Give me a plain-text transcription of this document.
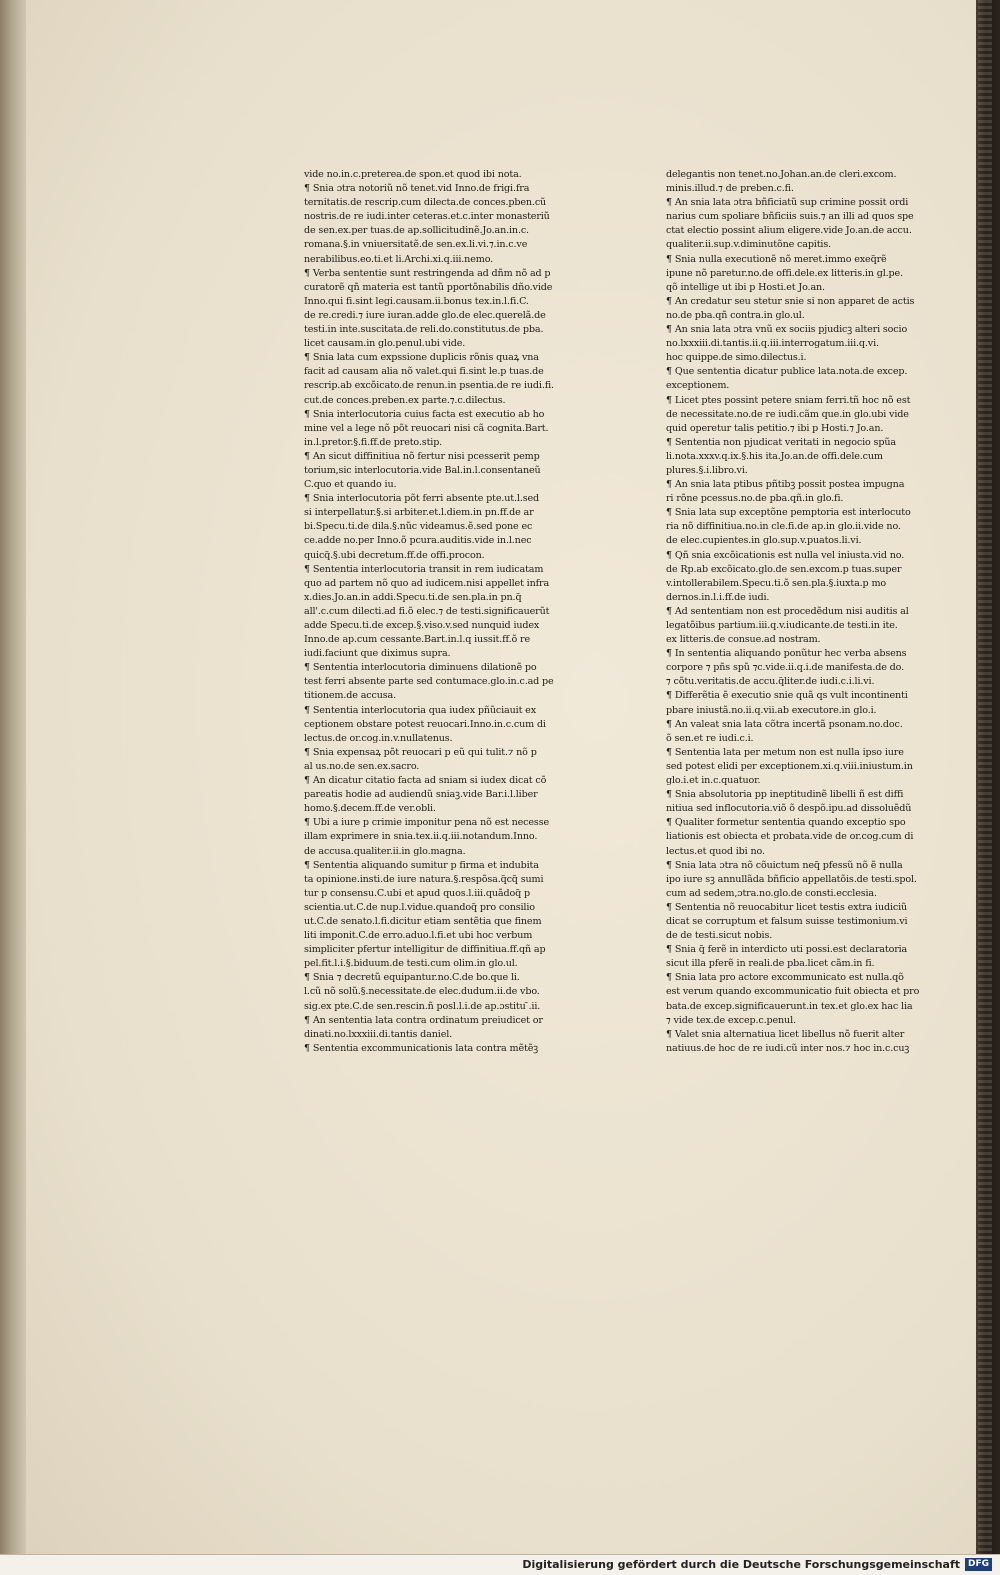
vide no.in.c.preterea.de spon.et quod ibi nota.

¶ Snia ɔtra notoriũ nõ tenet.vid Inno.de frigi.fra

ternitatis.de rescrip.cum dilecta.de conces.pben.cũ

nostris.de re iudi.inter ceteras.et.c.inter monasteriũ

de sen.ex.per tuas.de ap.sollicitudinẽ.Jo.an.in.c.

romana.§.in vniuersitatẽ.de sen.ex.li.vi.⁊.in.c.ve

nerabilibus.eo.ti.et li.Archi.xi.q.iii.nemo.

¶ Verba sententie sunt restringenda ad dñm nõ ad p

curatorẽ qñ materia est tantũ pportõnabilis dño.vide

Inno.qui fi.sint legi.causam.ii.bonus tex.in.l.fi.C.

de re.credi.⁊ iure iuran.adde glo.de elec.querelã.de

testi.in inte.suscitata.de reli.do.constitutus.de pba.

licet causam.in glo.penul.ubi vide.

¶ Snia lata cum expssione duplicis rõnis quaꝝ vna

facit ad causam alia nõ valet.qui fi.sint le.p tuas.de

rescrip.ab excõicato.de renun.in psentia.de re iudi.fi.

cut.de conces.preben.ex parte.⁊.c.dilectus.

¶ Snia interlocutoria cuius facta est executio ab ho

mine vel a lege nõ põt reuocari nisi cã cognita.Bart.

in.l.pretor.§.fi.ff.de preto.stip.

¶ An sicut diffinitiua nõ fertur nisi pcesserit pemp

torium,sic interlocutoria.vide Bal.in.l.consentaneũ

C.quo et quando iu.

¶ Snia interlocutoria põt ferri absente pte.ut.l.sed

si interpellatur.§.si arbiter.et.l.diem.in pn.ff.de ar

bi.Specu.ti.de dila.§.nũc videamus.ẽ.sed pone ec

ce.adde no.per Inno.õ pcura.auditis.vide in.l.nec

quicq̃.§.ubi decretum.ff.de offi.procon.

¶ Sententia interlocutoria transit in rem iudicatam

quo ad partem nõ quo ad iudicem.nisi appellet infra

x.dies.Jo.an.in addi.Specu.ti.de sen.pla.in pn.q̃

all'.c.cum dilecti.ad fi.õ elec.⁊ de testi.significauerũt

adde Specu.ti.de excep.§.viso.v.sed nunquid iudex

Inno.de ap.cum cessante.Bart.in.l.q iussit.ff.õ re

iudi.faciunt que diximus supra.

¶ Sententia interlocutoria diminuens dilationẽ po

test ferri absente parte sed contumace.glo.in.c.ad pe

titionem.de accusa.

¶ Sententia interlocutoria qua iudex pñũciauit ex

ceptionem obstare potest reuocari.Inno.in.c.cum di

lectus.de or.cog.in.v.nullatenus.

¶ Snia expensaꝝ põt reuocari p eũ qui tulit.⁊ nõ p

al us.no.de sen.ex.sacro.

¶ An dicatur citatio facta ad sniam si iudex dicat cõ

pareatis hodie ad audiendũ sniaꝫ.vide Bar.i.l.liber

homo.§.decem.ff.de ver.obli.

¶ Ubi a iure p crimie imponitur pena nõ est necesse

illam exprimere in snia.tex.ii.q.iii.notandum.Inno.

de accusa.qualiter.ii.in glo.magna.

¶ Sententia aliquando sumitur p firma et indubita

ta opinione.insti.de iure natura.§.respõsa.q̃cq̃ sumi

tur p consensu.C.ubi et apud quos.l.iii.quãdoq̃ p

scientia.ut.C.de nup.l.vidue.quandoq̃ pro consilio

ut.C.de senato.l.fi.dicitur etiam sentẽtia que finem

liti imponit.C.de erro.aduo.l.fi.et ubi hoc verbum

simpliciter pfertur intelligitur de diffinitiua.ff.qñ ap

pel.fit.l.i.§.biduum.de testi.cum olim.in glo.ul.

¶ Snia ⁊ decretũ equipantur.no.C.de bo.que li.

l.cũ nõ solũ.§.necessitate.de elec.dudum.ii.de vbo.

sig.ex pte.C.de sen.rescin.ñ posl.l.i.de ap.ɔstitu ̃.ii.

¶ An sententia lata contra ordinatum preiudicet or

dinati.no.lxxxiii.di.tantis daniel.

¶ Sententia excommunicationis lata contra mẽtẽꝫ

delegantis non tenet.no.Johan.an.de cleri.excom.

minis.illud.⁊ de preben.c.fi.

¶ An snia lata ɔtra bñficiatũ sup crimine possit ordi

narius cum spoliare bñficiis suis.⁊ an illi ad quos spe

ctat electio possint alium eligere.vide Jo.an.de accu.

qualiter.ii.sup.v.diminutõne capitis.

¶ Snia nulla executionẽ nõ meret.immo exeq̃rẽ

ipune nõ paretur.no.de offi.dele.ex litteris.in gl.pe.

qõ intellige ut ibi p Hosti.et Jo.an.

¶ An credatur seu stetur snie si non apparet de actis

no.de pba.qñ contra.in glo.ul.

¶ An snia lata ɔtra vnũ ex sociis pjudicꝫ alteri socio

no.lxxxiii.di.tantis.ii.q.iii.interrogatum.iii.q.vi.

hoc quippe.de simo.dilectus.i.

¶ Que sententia dicatur publice lata.nota.de excep.

exceptionem.

¶ Licet ptes possint petere sniam ferri.tñ hoc nõ est

de necessitate.no.de re iudi.cãm que.in glo.ubi vide

quid operetur talis petitio.⁊ ibi p Hosti.⁊ Jo.an.

¶ Sententia non pjudicat veritati in negocio spũa

li.nota.xxxv.q.ix.§.his ita.Jo.an.de offi.dele.cum

plures.§.i.libro.vi.

¶ An snia lata ptibus pñtibꝫ possit postea impugna

ri rõne pcessus.no.de pba.qñ.in glo.fi.

¶ Snia lata sup exceptõne pemptoria est interlocuto

ria nõ diffinitiua.no.in cle.fi.de ap.in glo.ii.vide no.

de elec.cupientes.in glo.sup.v.puatos.li.vi.

¶ Qñ snia excõicationis est nulla vel iniusta.vid no.

de Rp.ab excõicato.glo.de sen.excom.p tuas.super

v.intollerabilem.Specu.ti.õ sen.pla.§.iuxta.p mo

dernos.in.l.i.ff.de iudi.

¶ Ad sententiam non est procedẽdum nisi auditis al

legatõibus partium.iii.q.v.iudicante.de testi.in ite.

ex litteris.de consue.ad nostram.

¶ In sententia aliquando ponũtur hec verba absens

corpore ⁊ pñs spũ ⁊c.vide.ii.q.i.de manifesta.de do.

⁊ cõtu.veritatis.de accu.q̃liter.de iudi.c.i.li.vi.

¶ Differẽtia ẽ executio snie quã qs vult incontinenti

pbare iniustã.no.ii.q.vii.ab executore.in glo.i.

¶ An valeat snia lata cõtra incertã psonam.no.doc.

õ sen.et re iudi.c.i.

¶ Sententia lata per metum non est nulla ipso iure

sed potest elidi per exceptionem.xi.q.viii.iniustum.in

glo.i.et in.c.quatuor.

¶ Snia absolutoria pp ineptitudinẽ libelli ñ est diffi

nitiua sed inflocutoria.viõ õ despõ.ipu.ad dissoluẽdũ

¶ Qualiter formetur sententia quando exceptio spo

liationis est obiecta et probata.vide de or.cog.cum di

lectus.et quod ibi no.

¶ Snia lata ɔtra nõ cõuictum neq̃ pfessũ nõ ẽ nulla

ipo iure sꝫ annullãda bñficio appellatõis.de testi.spol.

cum ad sedem,ɔtra.no.glo.de consti.ecclesia.

¶ Sententia nõ reuocabitur licet testis extra iudiciũ

dicat se corruptum et falsum suisse testimonium.vi

de de testi.sicut nobis.

¶ Snia q̃ ferẽ in interdicto uti possi.est declaratoria

sicut illa pferẽ in reali.de pba.licet cãm.in fi.

¶ Snia lata pro actore excommunicato est nulla.qõ

est verum quando excommunicatio fuit obiecta et pro

bata.de excep.significauerunt.in tex.et glo.ex hac lia

⁊ vide tex.de excep.c.penul.

¶ Valet snia alternatiua licet libellus nõ fuerit alter

natiuus.de hoc de re iudi.cũ inter nos.⁊ hoc in.c.cuꝫ

Digitalisierung gefördert durch die Deutsche Forschungsgemeinschaft DFG
